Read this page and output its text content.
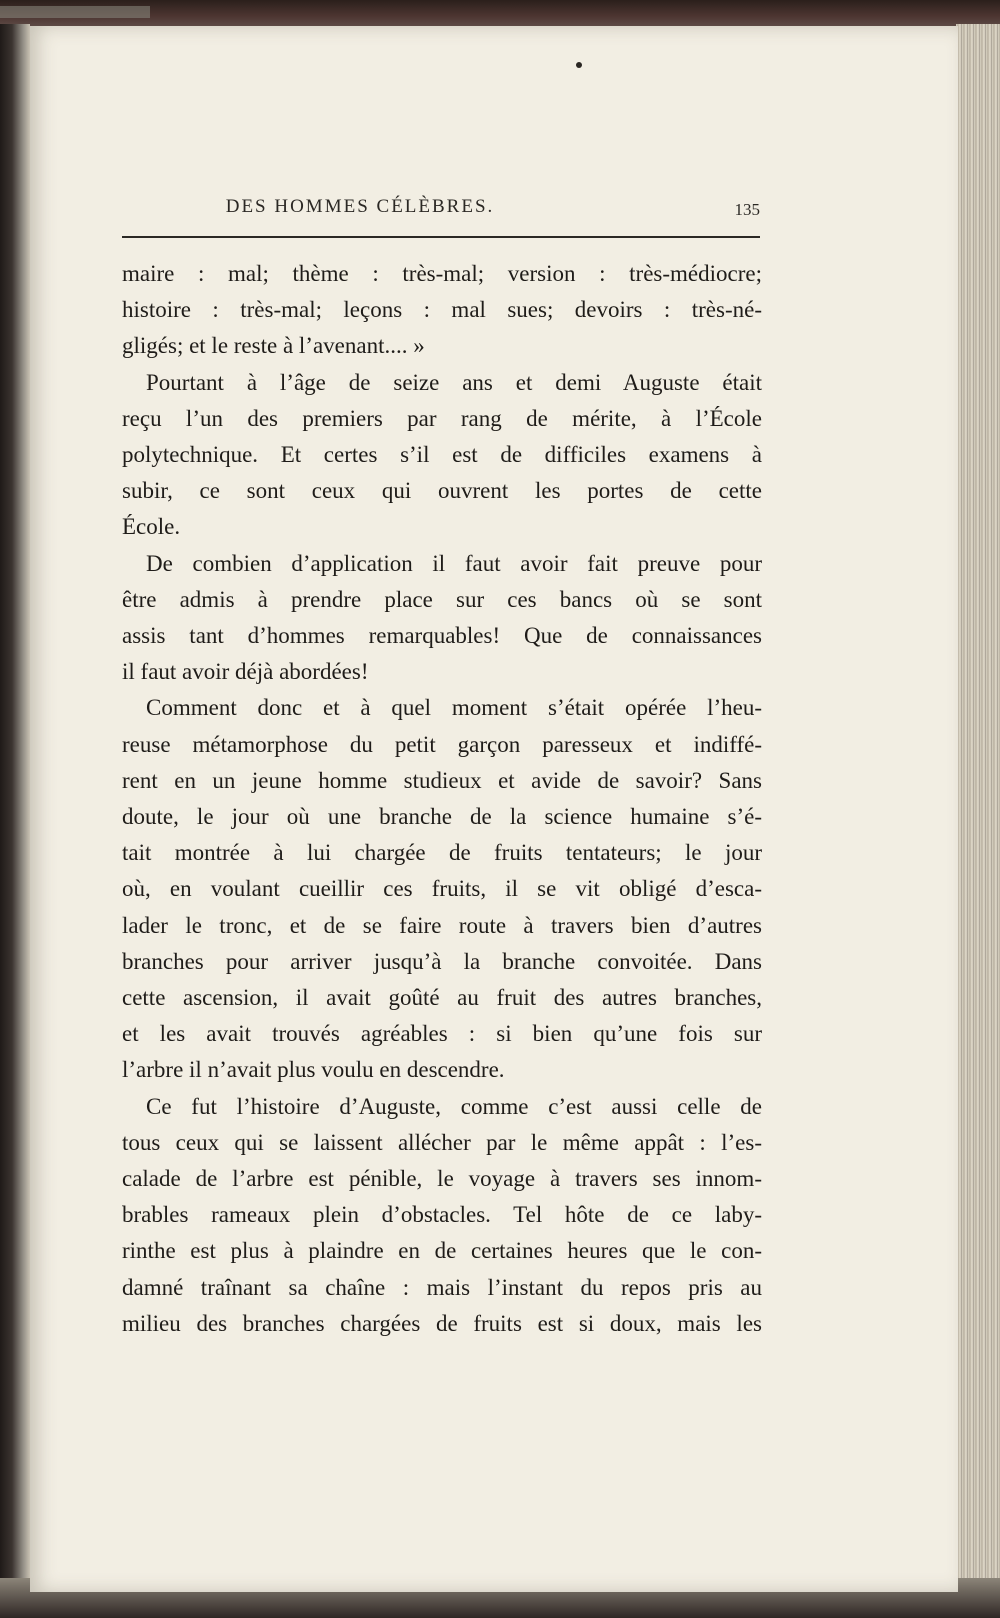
DES HOMMES CÉLÈBRES.	135
maire : mal; thème : très-mal; version : très-médiocre;
histoire : très-mal; leçons : mal sues; devoirs : très-né-
gligés; et le reste à l’avenant.... »
Pourtant à l’âge de seize ans et demi Auguste était
reçu l’un des premiers par rang de mérite, à l’École
polytechnique. Et certes s’il est de difficiles examens à
subir, ce sont ceux qui ouvrent les portes de cette
École.
De combien d’application il faut avoir fait preuve pour
être admis à prendre place sur ces bancs où se sont
assis tant d’hommes remarquables! Que de connaissances
il faut avoir déjà abordées!
Comment donc et à quel moment s’était opérée l’heu-
reuse métamorphose du petit garçon paresseux et indiffé-
rent en un jeune homme studieux et avide de savoir? Sans
doute, le jour où une branche de la science humaine s’é-
tait montrée à lui chargée de fruits tentateurs; le jour
où, en voulant cueillir ces fruits, il se vit obligé d’esca-
lader le tronc, et de se faire route à travers bien d’autres
branches pour arriver jusqu’à la branche convoitée. Dans
cette ascension, il avait goûté au fruit des autres branches,
et les avait trouvés agréables : si bien qu’une fois sur
l’arbre il n’avait plus voulu en descendre.
Ce fut l’histoire d’Auguste, comme c’est aussi celle de
tous ceux qui se laissent allécher par le même appât : l’es-
calade de l’arbre est pénible, le voyage à travers ses innom-
brables rameaux plein d’obstacles. Tel hôte de ce laby-
rinthe est plus à plaindre en de certaines heures que le con-
damné traînant sa chaîne : mais l’instant du repos pris au
milieu des branches chargées de fruits est si doux, mais les
